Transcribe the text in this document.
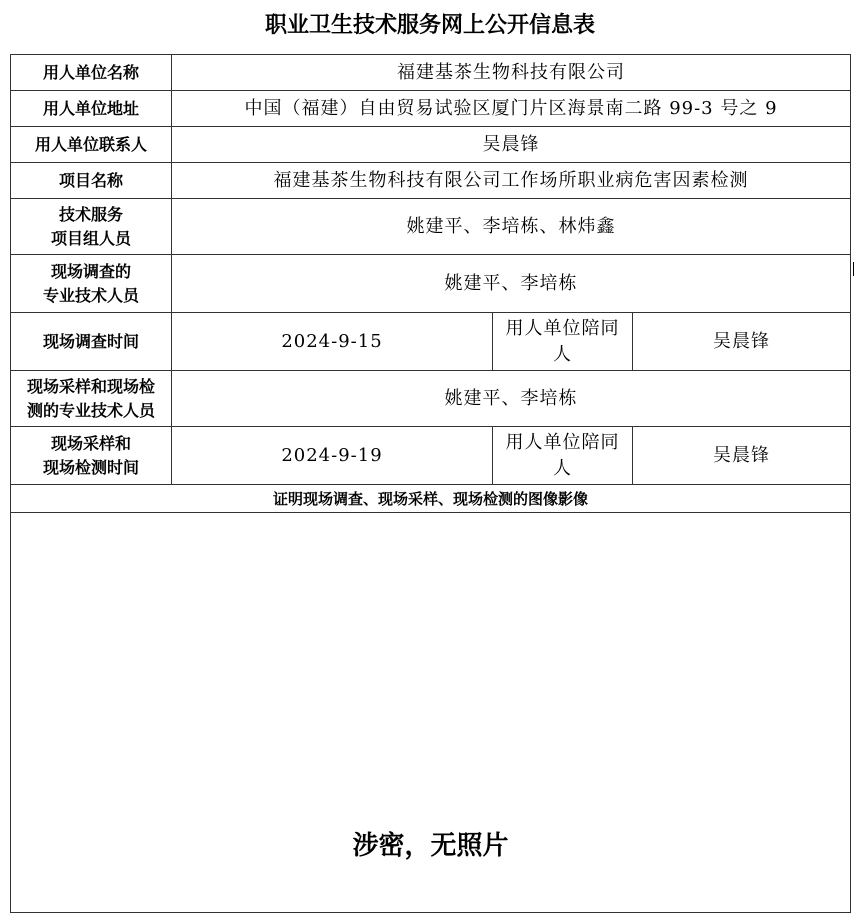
职业卫生技术服务网上公开信息表
用人单位名称	福建基茶生物科技有限公司		
用人单位地址	中国（福建）自由贸易试验区厦门片区海景南二路 99-3 号之 9		
用人单位联系人	吴晨锋		
项目名称	福建基茶生物科技有限公司工作场所职业病危害因素检测		

技术服务
项目组人员	姚建平、李培栋、林炜鑫		

现场调查的
专业技术人员	姚建平、李培栋		
现场调查时间	2024-9-15	用人单位陪同人	吴晨锋

现场采样和现场检
测的专业技术人员	姚建平、李培栋		

现场采样和
现场检测时间	2024-9-19	用人单位陪同人	吴晨锋
证明现场调查、现场采样、现场检测的图像影像			

涉密，无照片			
